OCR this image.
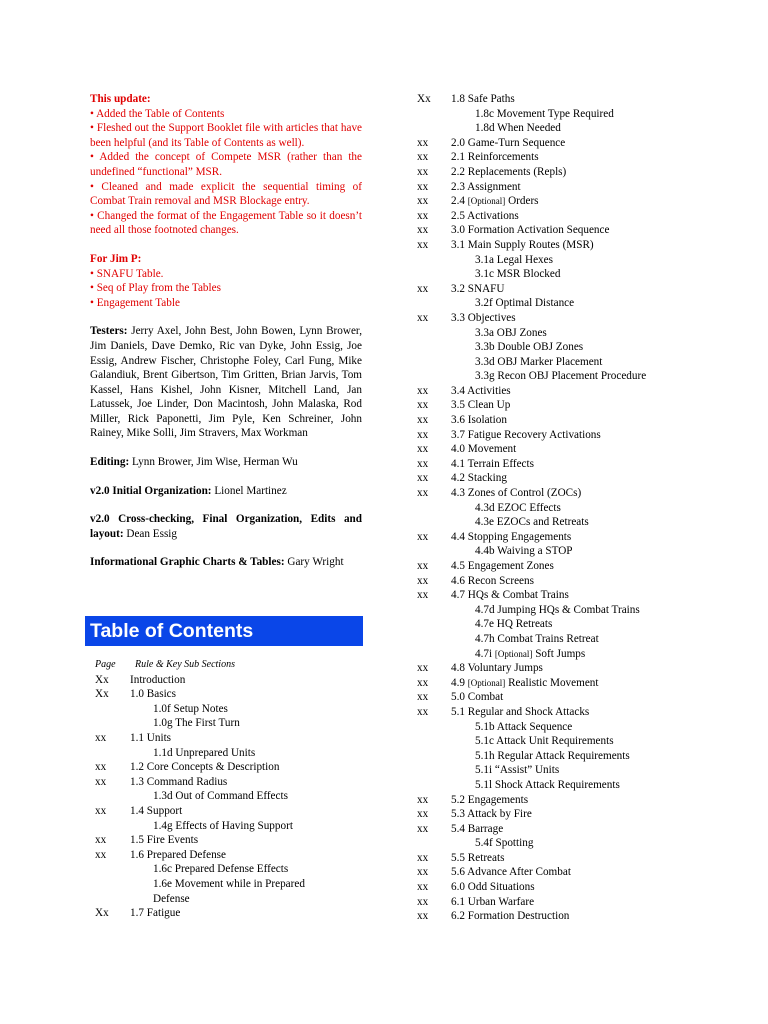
This update:
• Added the Table of Contents
• Fleshed out the Support Booklet file with articles that have been helpful (and its Table of Contents as well).
• Added the concept of Compete MSR (rather than the undefined “functional” MSR.
• Cleaned and made explicit the sequential timing of Combat Train removal and MSR Blockage entry.
• Changed the format of the Engagement Table so it doesn’t need all those footnoted changes.
For Jim P:
• SNAFU Table.
• Seq of Play from the Tables
• Engagement Table
Testers: Jerry Axel, John Best, John Bowen, Lynn Brower, Jim Daniels, Dave Demko, Ric van Dyke, John Essig, Joe Essig, Andrew Fischer, Christophe Foley, Carl Fung, Mike Galandiuk, Brent Gibertson, Tim Gritten, Brian Jarvis, Tom Kassel, Hans Kishel, John Kisner, Mitchell Land, Jan Latussek, Joe Linder, Don Macintosh, John Malaska, Rod Miller, Rick Paponetti, Jim Pyle, Ken Schreiner, John Rainey, Mike Solli, Jim Stravers, Max Workman
Editing: Lynn Brower, Jim Wise, Herman Wu
v2.0 Initial Organization: Lionel Martinez
v2.0 Cross-checking, Final Organization, Edits and layout: Dean Essig
Informational Graphic Charts & Tables: Gary Wright
Table of Contents
Page Rule & Key Sub Sections
Xx Introduction
Xx 1.0 Basics
1.0f Setup Notes
1.0g The First Turn
xx 1.1 Units
1.1d Unprepared Units
xx 1.2 Core Concepts & Description
xx 1.3 Command Radius
1.3d Out of Command Effects
xx 1.4 Support
1.4g Effects of Having Support
xx 1.5 Fire Events
xx 1.6 Prepared Defense
1.6c Prepared Defense Effects
1.6e Movement while in Prepared
Defense
Xx 1.7 Fatigue
Xx 1.8 Safe Paths
1.8c Movement Type Required
1.8d When Needed
xx 2.0 Game-Turn Sequence
xx 2.1 Reinforcements
xx 2.2 Replacements (Repls)
xx 2.3 Assignment
xx 2.4 [Optional] Orders
xx 2.5 Activations
xx 3.0 Formation Activation Sequence
xx 3.1 Main Supply Routes (MSR)
3.1a Legal Hexes
3.1c MSR Blocked
xx 3.2 SNAFU
3.2f Optimal Distance
xx 3.3 Objectives
3.3a OBJ Zones
3.3b Double OBJ Zones
3.3d OBJ Marker Placement
3.3g Recon OBJ Placement Procedure
xx 3.4 Activities
xx 3.5 Clean Up
xx 3.6 Isolation
xx 3.7 Fatigue Recovery Activations
xx 4.0 Movement
xx 4.1 Terrain Effects
xx 4.2 Stacking
xx 4.3 Zones of Control (ZOCs)
4.3d EZOC Effects
4.3e EZOCs and Retreats
xx 4.4 Stopping Engagements
4.4b Waiving a STOP
xx 4.5 Engagement Zones
xx 4.6 Recon Screens
xx 4.7 HQs & Combat Trains
4.7d Jumping HQs & Combat Trains
4.7e HQ Retreats
4.7h Combat Trains Retreat
4.7i [Optional] Soft Jumps
xx 4.8 Voluntary Jumps
xx 4.9 [Optional] Realistic Movement
xx 5.0 Combat
xx 5.1 Regular and Shock Attacks
5.1b Attack Sequence
5.1c Attack Unit Requirements
5.1h Regular Attack Requirements
5.1i “Assist” Units
5.1l Shock Attack Requirements
xx 5.2 Engagements
xx 5.3 Attack by Fire
xx 5.4 Barrage
5.4f Spotting
xx 5.5 Retreats
xx 5.6 Advance After Combat
xx 6.0 Odd Situations
xx 6.1 Urban Warfare
xx 6.2 Formation Destruction
